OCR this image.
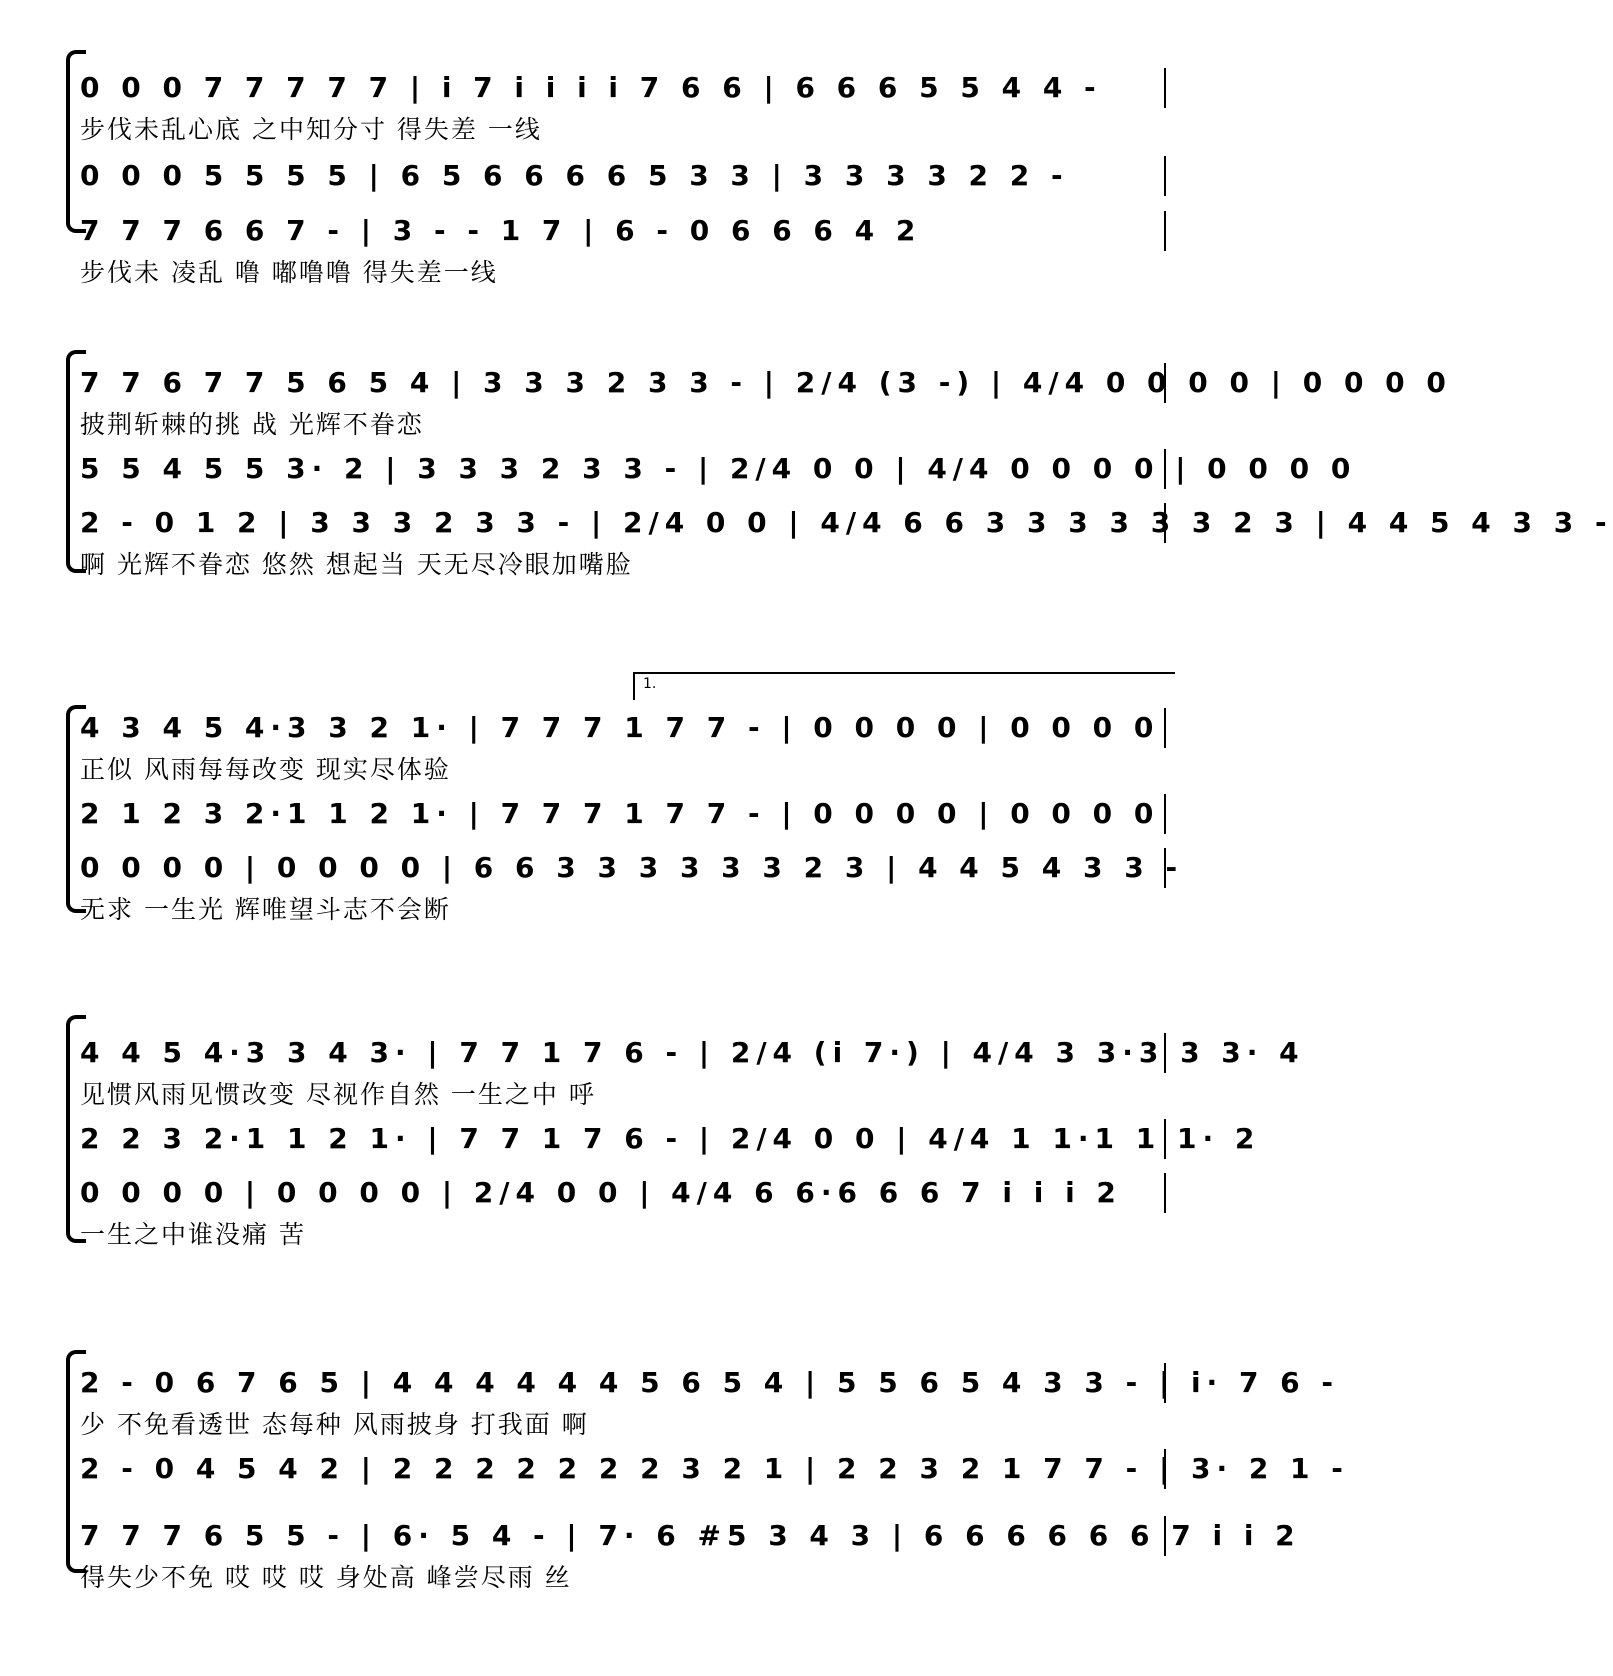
0 0 0 7 7 7 7 7 | i 7 i i i i 7 6 6 | 6 6 6 5 5 4 4 -
步伐未乱心底 之中知分寸 得失差 一线
0 0 0 5 5 5 5 | 6 5 6 6 6 6 5 3 3 | 3 3 3 3 2 2 -
7 7 7 6 6 7 - | 3 - - 1 7 | 6 - 0 6 6 6 4 2
步伐未 凌乱 噜 嘟噜噜 得失差一线
7 7 6 7 7 5 6 5 4 | 3 3 3 2 3 3 - | 2/4 (3 -) | 4/4 0 0 0 0 | 0 0 0 0
披荆斩棘的挑 战 光辉不眷恋
5 5 4 5 5 3· 2 | 3 3 3 2 3 3 - | 2/4 0 0 | 4/4 0 0 0 0 | 0 0 0 0
2 - 0 1 2 | 3 3 3 2 3 3 - | 2/4 0 0 | 4/4 6 6 3 3 3 3 3 3 2 3 | 4 4 5 4 3 3 -
啊 光辉不眷恋 悠然 想起当 天无尽冷眼加嘴脸
1.
4 3 4 5 4·3 3 2 1· | 7 7 7 1 7 7 - | 0 0 0 0 | 0 0 0 0
正似 风雨每每改变 现实尽体验
2 1 2 3 2·1 1 2 1· | 7 7 7 1 7 7 - | 0 0 0 0 | 0 0 0 0
0 0 0 0 | 0 0 0 0 | 6 6 3 3 3 3 3 3 2 3 | 4 4 5 4 3 3 -
无求 一生光 辉唯望斗志不会断
4 4 5 4·3 3 4 3· | 7 7 1 7 6 - | 2/4 (i 7·) | 4/4 3 3·3 3 3· 4
见惯风雨见惯改变 尽视作自然 一生之中 呼
2 2 3 2·1 1 2 1· | 7 7 1 7 6 - | 2/4 0 0 | 4/4 1 1·1 1 1· 2
0 0 0 0 | 0 0 0 0 | 2/4 0 0 | 4/4 6 6·6 6 6 7 i i i 2
一生之中谁没痛 苦
2 - 0 6 7 6 5 | 4 4 4 4 4 4 5 6 5 4 | 5 5 6 5 4 3 3 - | i· 7 6 -
少 不免看透世 态每种 风雨披身 打我面 啊
2 - 0 4 5 4 2 | 2 2 2 2 2 2 2 3 2 1 | 2 2 3 2 1 7 7 - | 3· 2 1 -
7 7 7 6 5 5 - | 6· 5 4 - | 7· 6 #5 3 4 3 | 6 6 6 6 6 6 7 i i 2
得失少不免 哎 哎 哎 身处高 峰尝尽雨 丝
